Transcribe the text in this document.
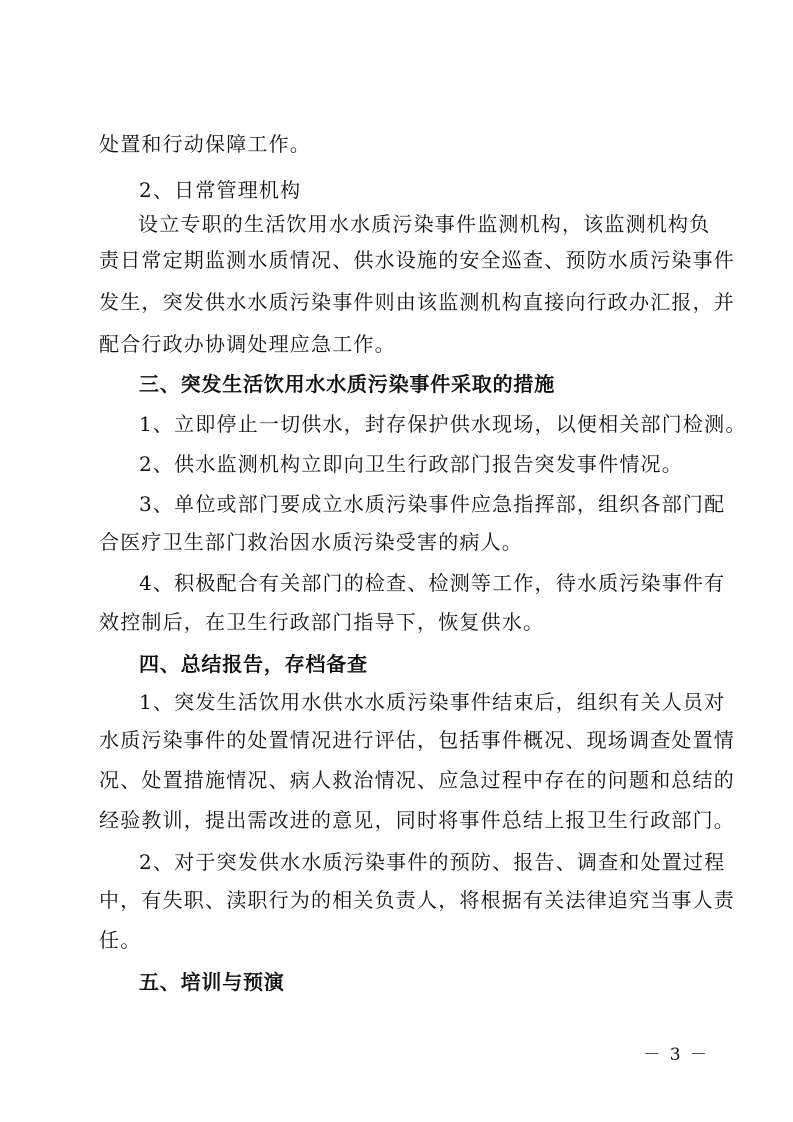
处置和行动保障工作。
2、日常管理机构
设立专职的生活饮用水水质污染事件监测机构，该监测机构负
责日常定期监测水质情况、供水设施的安全巡查、预防水质污染事件
发生，突发供水水质污染事件则由该监测机构直接向行政办汇报，并
配合行政办协调处理应急工作。
三、突发生活饮用水水质污染事件采取的措施
1、立即停止一切供水，封存保护供水现场，以便相关部门检测。
2、供水监测机构立即向卫生行政部门报告突发事件情况。
3、单位或部门要成立水质污染事件应急指挥部，组织各部门配
合医疗卫生部门救治因水质污染受害的病人。
4、积极配合有关部门的检查、检测等工作，待水质污染事件有
效控制后，在卫生行政部门指导下，恢复供水。
四、总结报告，存档备查
1、突发生活饮用水供水水质污染事件结束后，组织有关人员对
水质污染事件的处置情况进行评估，包括事件概况、现场调查处置情
况、处置措施情况、病人救治情况、应急过程中存在的问题和总结的
经验教训，提出需改进的意见，同时将事件总结上报卫生行政部门。
2、对于突发供水水质污染事件的预防、报告、调查和处置过程
中，有失职、渎职行为的相关负责人，将根据有关法律追究当事人责
任。
五、培训与预演
－ 3 －
